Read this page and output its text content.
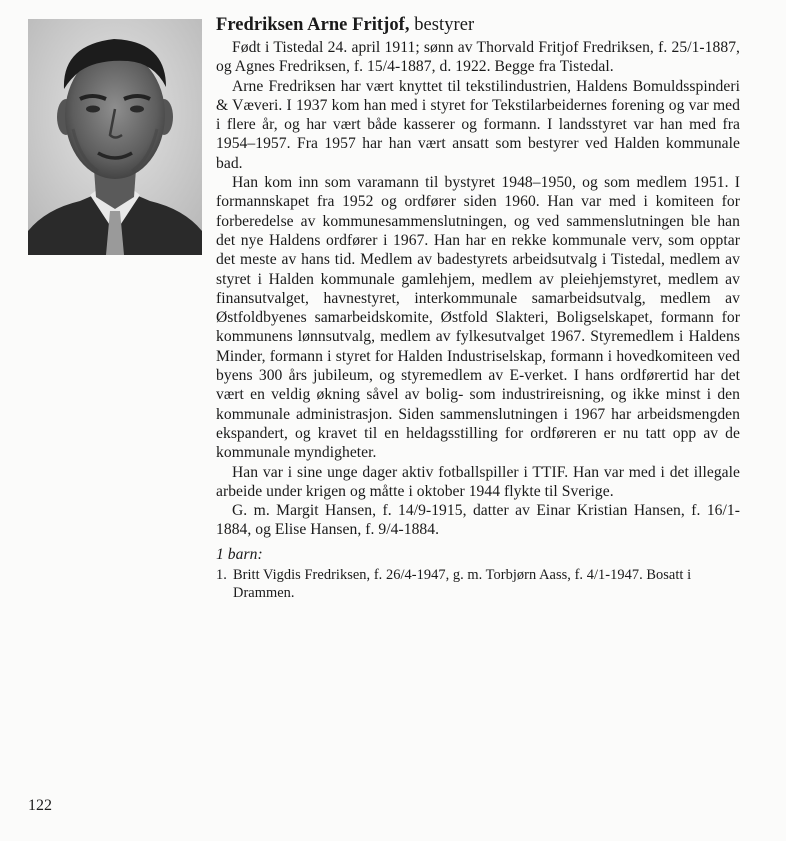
Fredriksen Arne Fritjof, bestyrer

Født i Tistedal 24. april 1911; sønn av Thorvald Fritjof Fredriksen, f. 25/1-1887, og Agnes Fredriksen, f. 15/4-1887, d. 1922. Begge fra Tistedal.

Arne Fredriksen har vært knyttet til tekstilindustrien, Haldens Bomuldsspinderi & Væveri. I 1937 kom han med i styret for Tekstilarbeidernes forening og var med i flere år, og har vært både kasserer og formann. I landsstyret var han med fra 1954–1957. Fra 1957 har han vært ansatt som bestyrer ved Halden kommunale bad.

Han kom inn som varamann til bystyret 1948–1950, og som medlem 1951. I formannskapet fra 1952 og ordfører siden 1960. Han var med i komiteen for forberedelse av kommunesammenslutningen, og ved sammenslutningen ble han det nye Haldens ordfører i 1967. Han har en rekke kommunale verv, som opptar det meste av hans tid. Medlem av badestyrets arbeidsutvalg i Tistedal, medlem av styret i Halden kommunale gamlehjem, medlem av pleiehjemstyret, medlem av finansutvalget, havnestyret, interkommunale samarbeidsutvalg, medlem av Østfoldbyenes samarbeidskomite, Østfold Slakteri, Boligselskapet, formann for kommunens lønnsutvalg, medlem av fylkesutvalget 1967. Styremedlem i Haldens Minder, formann i styret for Halden Industriselskap, formann i hovedkomiteen ved byens 300 års jubileum, og styremedlem av E-verket. I hans ordførertid har det vært en veldig økning såvel av bolig- som industrireisning, og ikke minst i den kommunale administrasjon. Siden sammenslutningen i 1967 har arbeidsmengden ekspandert, og kravet til en heldagsstilling for ordføreren er nu tatt opp av de kommunale myndigheter.

Han var i sine unge dager aktiv fotballspiller i TTIF. Han var med i det illegale arbeide under krigen og måtte i oktober 1944 flykte til Sverige.

G. m. Margit Hansen, f. 14/9-1915, datter av Einar Kristian Hansen, f. 16/1-1884, og Elise Hansen, f. 9/4-1884.

1 barn:

1. Britt Vigdis Fredriksen, f. 26/4-1947, g. m. Torbjørn Aass, f. 4/1-1947. Bosatt i Drammen.
122
